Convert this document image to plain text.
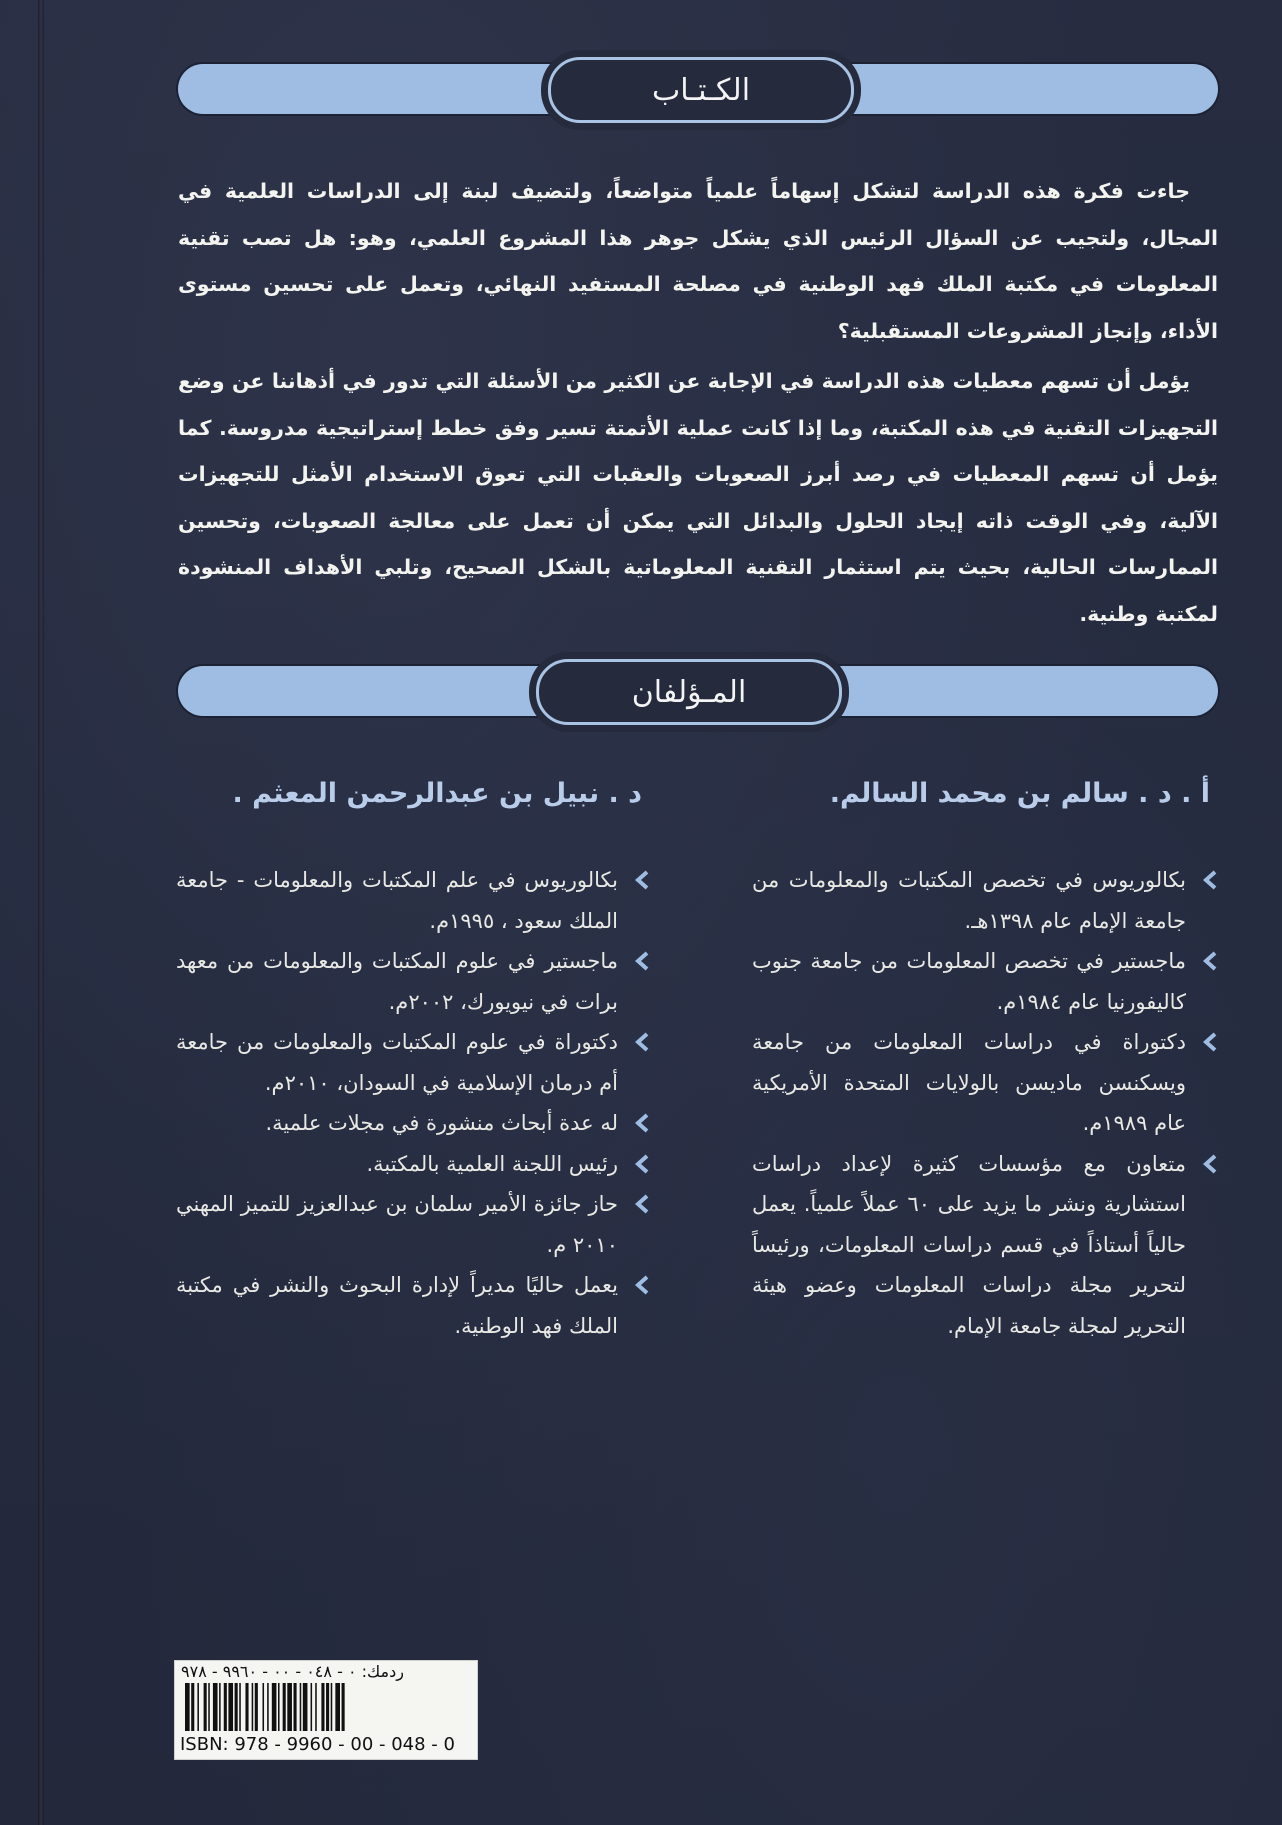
الكـتـاب
جاءت فكرة هذه الدراسة لتشكل إسهاماً علمياً متواضعاً، ولتضيف لبنة إلى الدراسات العلمية في المجال، ولتجيب عن السؤال الرئيس الذي يشكل جوهر هذا المشروع العلمي، وهو: هل تصب تقنية المعلومات في مكتبة الملك فهد الوطنية في مصلحة المستفيد النهائي، وتعمل على تحسين مستوى الأداء، وإنجاز المشروعات المستقبلية؟
يؤمل أن تسهم معطيات هذه الدراسة في الإجابة عن الكثير من الأسئلة التي تدور في أذهاننا عن وضع التجهيزات التقنية في هذه المكتبة، وما إذا كانت عملية الأتمتة تسير وفق خطط إستراتيجية مدروسة. كما يؤمل أن تسهم المعطيات في رصد أبرز الصعوبات والعقبات التي تعوق الاستخدام الأمثل للتجهيزات الآلية، وفي الوقت ذاته إيجاد الحلول والبدائل التي يمكن أن تعمل على معالجة الصعوبات، وتحسين الممارسات الحالية، بحيث يتم استثمار التقنية المعلوماتية بالشكل الصحيح، وتلبي الأهداف المنشودة لمكتبة وطنية.
المـؤلفان
أ . د . سالم بن محمد السالم.
د . نبيل بن عبدالرحمن المعثم .
بكالوريوس في تخصص المكتبات والمعلومات من جامعة الإمام عام ١٣٩٨هـ.
ماجستير في تخصص المعلومات من جامعة جنوب كاليفورنيا عام ١٩٨٤م.
دكتوراة في دراسات المعلومات من جامعة ويسكنسن ماديسن بالولايات المتحدة الأمريكية عام ١٩٨٩م.
متعاون مع مؤسسات كثيرة لإعداد دراسات استشارية ونشر ما يزيد على ٦٠ عملاً علمياً. يعمل حالياً أستاذاً في قسم دراسات المعلومات، ورئيساً لتحرير مجلة دراسات المعلومات وعضو هيئة التحرير لمجلة جامعة الإمام.
بكالوريوس في علم المكتبات والمعلومات - جامعة الملك سعود ، ١٩٩٥م.
ماجستير في علوم المكتبات والمعلومات من معهد برات في نيويورك، ٢٠٠٢م.
دكتوراة في علوم المكتبات والمعلومات من جامعة أم درمان الإسلامية في السودان، ٢٠١٠م.
له عدة أبحاث منشورة في مجلات علمية.
رئيس اللجنة العلمية بالمكتبة.
حاز جائزة الأمير سلمان بن عبدالعزيز للتميز المهني ٢٠١٠ م.
يعمل حاليًا مديراً لإدارة البحوث والنشر في مكتبة الملك فهد الوطنية.
ردمك: ٠ - ٠٤٨ - ٠٠ - ٩٩٦٠ - ٩٧٨
ISBN: 978 - 9960 - 00 - 048 - 0
